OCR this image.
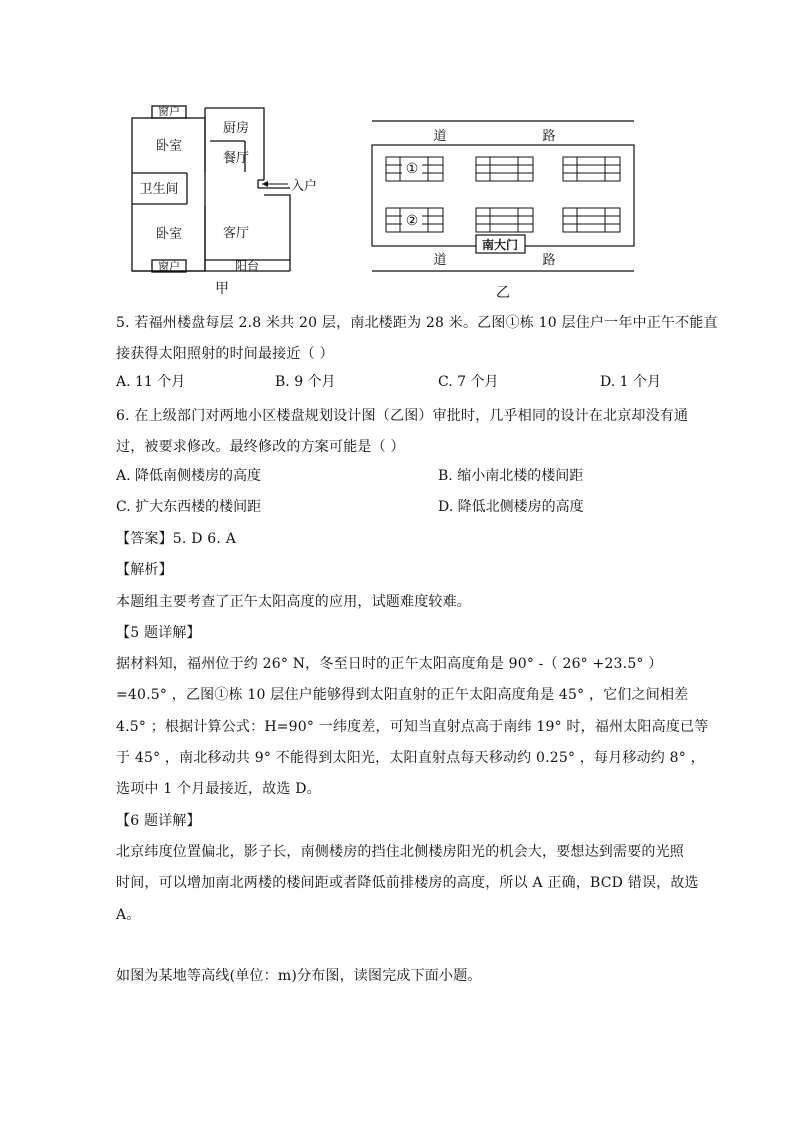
窗户
卧室
卫生间
卧室
窗户
厨房
餐厅
客厅
阳台
入户
甲
①
②
南大门
道	路
道	路
乙
5. 若福州楼盘每层 2.8 米共 20 层，南北楼距为 28 米。乙图①栋 10 层住户一年中正午不能直
接获得太阳照射的时间最接近（ ）
A. 11 个月	B. 9 个月	C. 7 个月	D. 1 个月
6. 在上级部门对两地小区楼盘规划设计图（乙图）审批时，几乎相同的设计在北京却没有通
过，被要求修改。最终修改的方案可能是（ ）
A. 降低南侧楼房的高度	B. 缩小南北楼的楼间距
C. 扩大东西楼的楼间距	D. 降低北侧楼房的高度
【答案】5. D 6. A
【解析】
本题组主要考查了正午太阳高度的应用，试题难度较难。
【5 题详解】
据材料知，福州位于约 26° N，冬至日时的正午太阳高度角是 90° -（ 26° +23.5° ）
=40.5° ，乙图①栋 10 层住户能够得到太阳直射的正午太阳高度角是 45° ，它们之间相差
4.5° ；根据计算公式：H=90° 一纬度差，可知当直射点高于南纬 19° 时，福州太阳高度已等
于 45° ，南北移动共 9° 不能得到太阳光，太阳直射点每天移动约 0.25° ，每月移动约 8° ，
选项中 1 个月最接近，故选 D。
【6 题详解】
北京纬度位置偏北，影子长，南侧楼房的挡住北侧楼房阳光的机会大，要想达到需要的光照
时间，可以增加南北两楼的楼间距或者降低前排楼房的高度，所以 A 正确，BCD 错误，故选
A。
如图为某地等高线(单位：m)分布图，读图完成下面小题。
